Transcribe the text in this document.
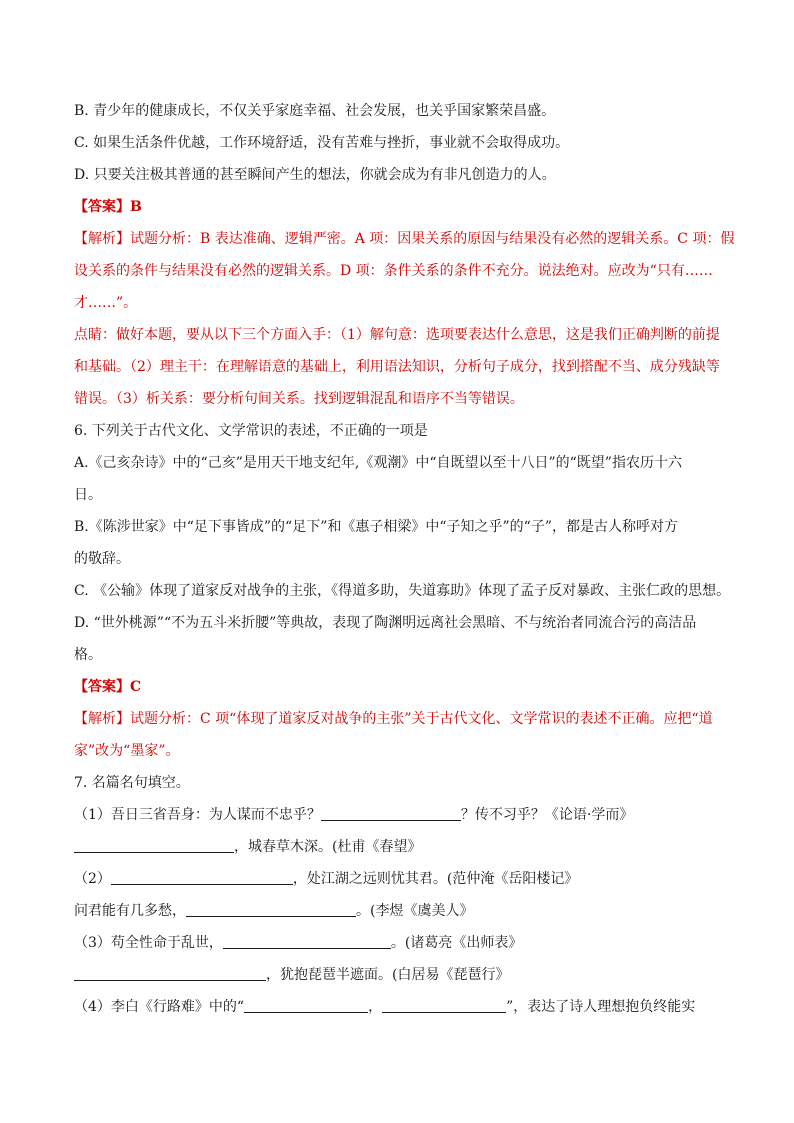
B. 青少年的健康成长，不仅关乎家庭幸福、社会发展，也关乎国家繁荣昌盛。
C. 如果生活条件优越，工作环境舒适，没有苦难与挫折，事业就不会取得成功。
D. 只要关注极其普通的甚至瞬间产生的想法，你就会成为有非凡创造力的人。
【答案】B
【解析】试题分析：B 表达准确、逻辑严密。A 项：因果关系的原因与结果没有必然的逻辑关系。C 项：假
设关系的条件与结果没有必然的逻辑关系。D 项：条件关系的条件不充分。说法绝对。应改为“只有……
才……”。
点睛：做好本题，要从以下三个方面入手：（1）解句意：选项要表达什么意思，这是我们正确判断的前提
和基础。（2）理主干：在理解语意的基础上，利用语法知识，分析句子成分，找到搭配不当、成分残缺等
错误。（3）析关系：要分析句间关系。找到逻辑混乱和语序不当等错误。
6. 下列关于古代文化、文学常识的表述，不正确的一项是
A.《己亥杂诗》中的“己亥”是用天干地支纪年,《观潮》中“自既望以至十八日”的“既望”指农历十六
日。
B.《陈涉世家》中“足下事皆成”的“足下”和《惠子相梁》中“子知之乎”的“子”，都是古人称呼对方
的敬辞。
C. 《公输》体现了道家反对战争的主张，《得道多助，失道寡助》体现了孟子反对暴政、主张仁政的思想。
D. “世外桃源”“不为五斗米折腰”等典故，表现了陶渊明远离社会黑暗、不与统治者同流合污的高洁品
格。
【答案】C
【解析】试题分析：C 项“体现了道家反对战争的主张”关于古代文化、文学常识的表述不正确。应把“道
家”改为“墨家”。
7. 名篇名句填空。
（1）吾日三省吾身：为人谋而不忠乎？	？传不习乎？《论语·学而》
，城春草木深。(杜甫《春望》
（2）	，处江湖之远则忧其君。(范仲淹《岳阳楼记》
问君能有几多愁，	。(李煜《虞美人》
（3）苟全性命于乱世，	。(诸葛亮《出师表》
，犹抱琵琶半遮面。(白居易《琵琶行》
（4）李白《行路难》中的“	，	”，表达了诗人理想抱负终能实
